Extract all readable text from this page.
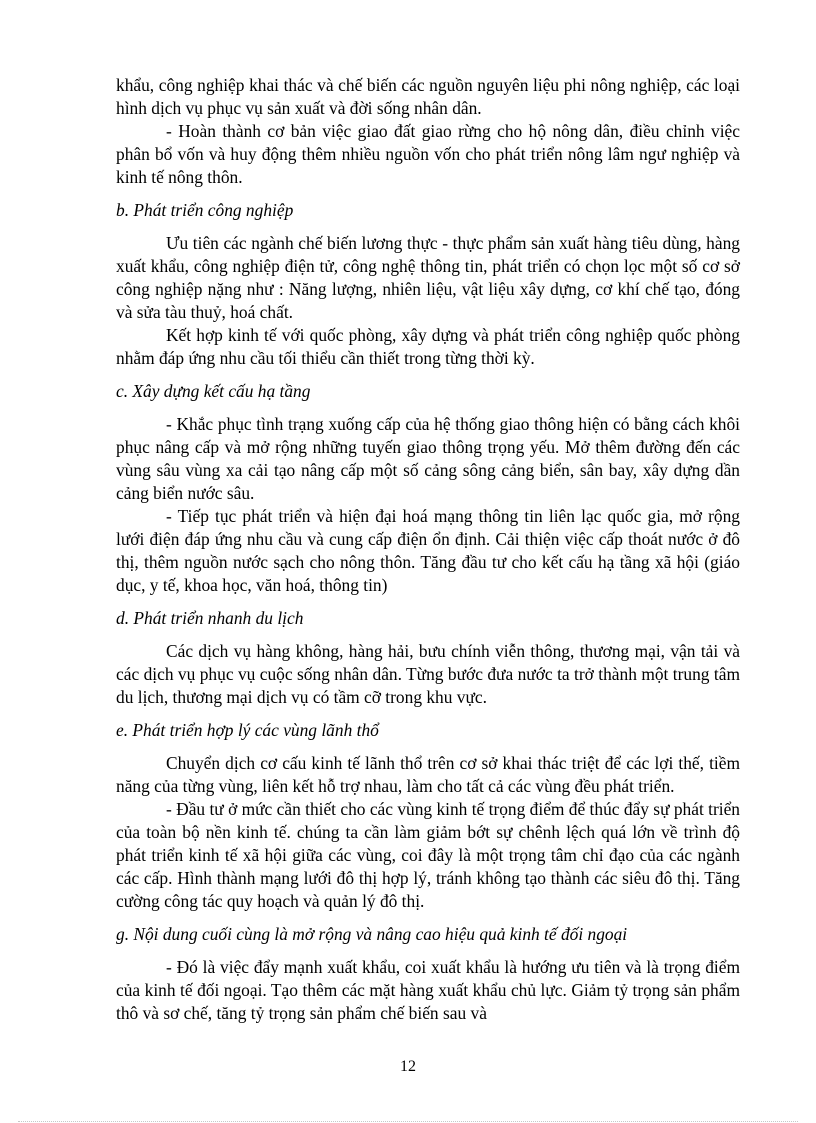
khẩu, công nghiệp khai thác và chế biến các nguồn nguyên liệu phi nông nghiệp, các loại hình dịch vụ phục vụ sản xuất và đời sống nhân dân.

- Hoàn thành cơ bản việc giao đất giao rừng cho hộ nông dân, điều chỉnh việc phân bổ vốn và huy động thêm nhiều nguồn vốn cho phát triển nông lâm ngư nghiệp và kinh tế nông thôn.

b. Phát triển công nghiệp

Ưu tiên các ngành chế biến lương thực - thực phẩm sản xuất hàng tiêu dùng, hàng xuất khẩu, công nghiệp điện tử, công nghệ thông tin, phát triển có chọn lọc một số cơ sở công nghiệp nặng như : Năng lượng, nhiên liệu, vật liệu xây dựng, cơ khí chế tạo, đóng và sửa tàu thuỷ, hoá chất.

Kết hợp kinh tế với quốc phòng, xây dựng và phát triển công nghiệp quốc phòng nhằm đáp ứng nhu cầu tối thiểu cần thiết trong từng thời kỳ.

c. Xây dựng kết cấu hạ tầng

- Khắc phục tình trạng xuống cấp của hệ thống giao thông hiện có bằng cách khôi phục nâng cấp và mở rộng những tuyến giao thông trọng yếu. Mở thêm đường đến các vùng sâu vùng xa cải tạo nâng cấp một số cảng sông cảng biển, sân bay, xây dựng dần cảng biển nước sâu.

- Tiếp tục phát triển và hiện đại hoá mạng thông tin liên lạc quốc gia, mở rộng lưới điện đáp ứng nhu cầu và cung cấp điện ổn định. Cải thiện việc cấp thoát nước ở đô thị, thêm nguồn nước sạch cho nông thôn. Tăng đầu tư cho kết cấu hạ tầng xã hội (giáo dục, y tế, khoa học, văn hoá, thông tin)

d. Phát triển nhanh du lịch

Các dịch vụ hàng không, hàng hải, bưu chính viễn thông, thương mại, vận tải và các dịch vụ phục vụ cuộc sống nhân dân. Từng bước đưa nước ta trở thành một trung tâm du lịch, thương mại dịch vụ có tầm cỡ trong khu vực.

e. Phát triển hợp lý các vùng lãnh thổ

Chuyển dịch cơ cấu kinh tế lãnh thổ trên cơ sở khai thác triệt để các lợi thế, tiềm năng của từng vùng, liên kết hỗ trợ nhau, làm cho tất cả các vùng đều phát triển.

- Đầu tư ở mức cần thiết cho các vùng kinh tế trọng điểm để thúc đẩy sự phát triển của toàn bộ nền kinh tế. chúng ta cần làm giảm bớt sự chênh lệch quá lớn về trình độ phát triển kinh tế xã hội giữa các vùng, coi đây là một trọng tâm chỉ đạo của các ngành các cấp. Hình thành mạng lưới đô thị hợp lý, tránh không tạo thành các siêu đô thị. Tăng cường công tác quy hoạch và quản lý đô thị.

g. Nội dung cuối cùng là mở rộng và nâng cao hiệu quả kinh tế đối ngoại

- Đó là việc đẩy mạnh xuất khẩu, coi xuất khẩu là hướng ưu tiên và là trọng điểm của kinh tế đối ngoại. Tạo thêm các mặt hàng xuất khẩu chủ lực. Giảm tỷ trọng sản phẩm thô và sơ chế, tăng tỷ trọng sản phẩm chế biến sau và

12
